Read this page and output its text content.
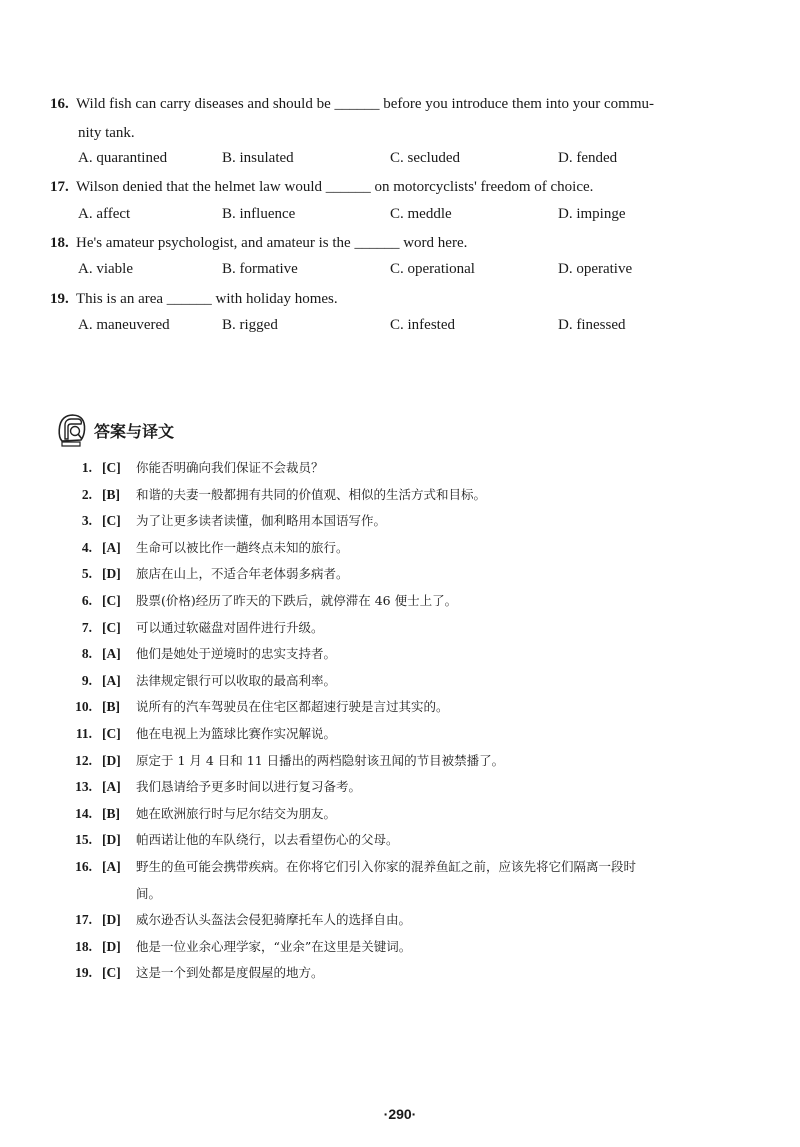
16. Wild fish can carry diseases and should be ______ before you introduce them into your commu-
nity tank.
A. quarantined	B. insulated	C. secluded	D. fended
17. Wilson denied that the helmet law would ______ on motorcyclists' freedom of choice.
A. affect	B. influence	C. meddle	D. impinge
18. He's amateur psychologist, and amateur is the ______ word here.
A. viable	B. formative	C. operational	D. operative
19. This is an area ______ with holiday homes.
A. maneuvered	B. rigged	C. infested	D. finessed
答案与译文
1. [C] 你能否明确向我们保证不会裁员？
2. [B] 和谐的夫妻一般都拥有共同的价值观、相似的生活方式和目标。
3. [C] 为了让更多读者读懂，伽利略用本国语写作。
4. [A] 生命可以被比作一趟终点未知的旅行。
5. [D] 旅店在山上，不适合年老体弱多病者。
6. [C] 股票(价格)经历了昨天的下跌后，就停滞在 46 便士上了。
7. [C] 可以通过软磁盘对固件进行升级。
8. [A] 他们是她处于逆境时的忠实支持者。
9. [A] 法律规定银行可以收取的最高利率。
10. [B] 说所有的汽车驾驶员在住宅区都超速行驶是言过其实的。
11. [C] 他在电视上为篮球比赛作实况解说。
12. [D] 原定于 1 月 4 日和 11 日播出的两档隐射该丑闻的节目被禁播了。
13. [A] 我们恳请给予更多时间以进行复习备考。
14. [B] 她在欧洲旅行时与尼尔结交为朋友。
15. [D] 帕西诺让他的车队绕行，以去看望伤心的父母。
16. [A] 野生的鱼可能会携带疾病。在你将它们引入你家的混养鱼缸之前，应该先将它们隔离一段时
间。
17. [D] 威尔逊否认头盔法会侵犯骑摩托车人的选择自由。
18. [D] 他是一位业余心理学家，“业余”在这里是关键词。
19. [C] 这是一个到处都是度假屋的地方。
·290·
